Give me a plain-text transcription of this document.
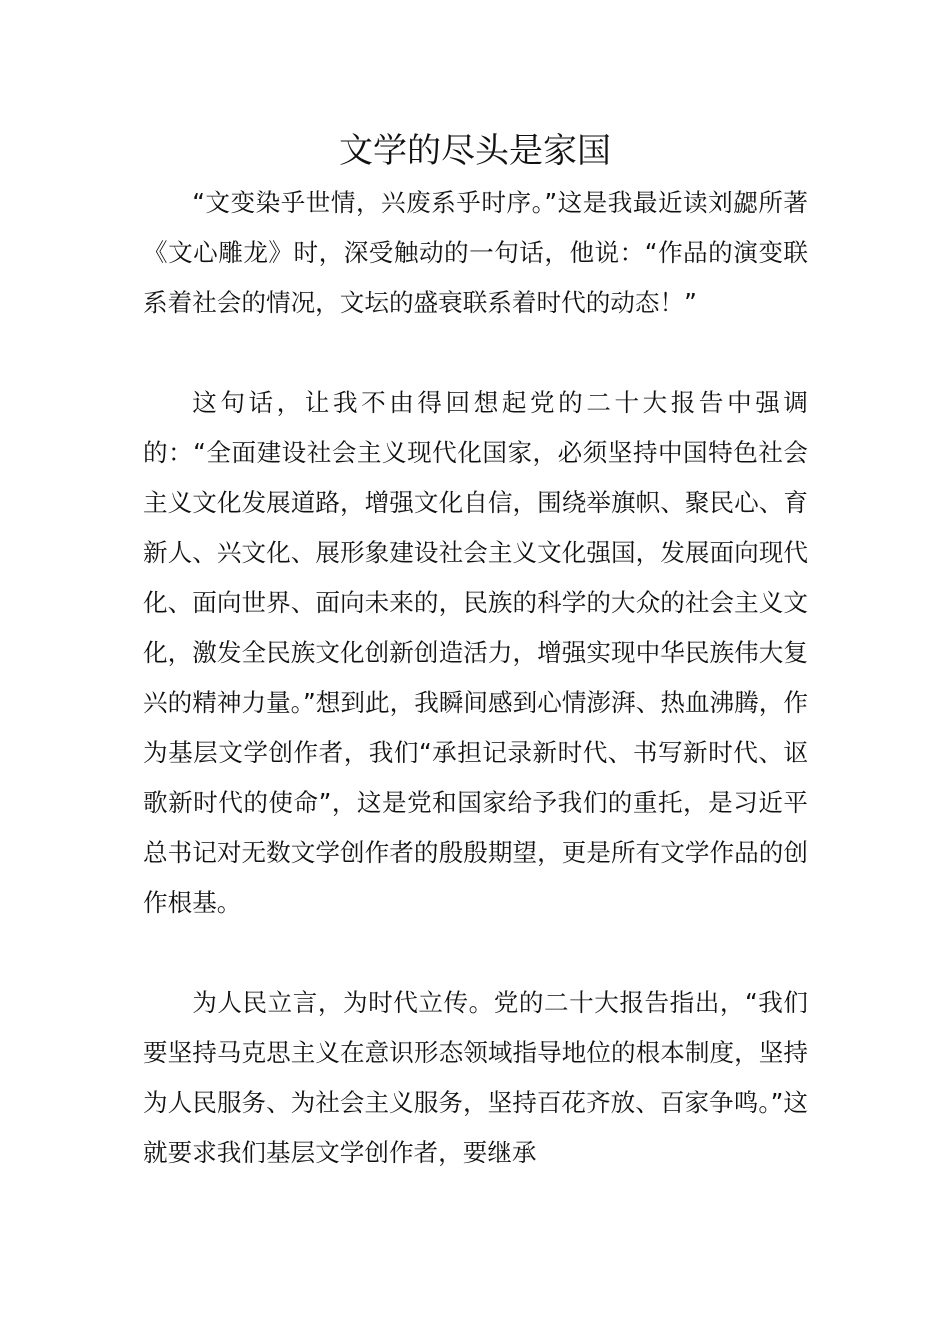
文学的尽头是家国

“文变染乎世情，兴废系乎时序。”这是我最近读刘勰所著《文心雕龙》时，深受触动的一句话，他说：“作品的演变联系着社会的情况，文坛的盛衰联系着时代的动态！”

这句话，让我不由得回想起党的二十大报告中强调的：“全面建设社会主义现代化国家，必须坚持中国特色社会主义文化发展道路，增强文化自信，围绕举旗帜、聚民心、育新人、兴文化、展形象建设社会主义文化强国，发展面向现代化、面向世界、面向未来的，民族的科学的大众的社会主义文化，激发全民族文化创新创造活力，增强实现中华民族伟大复兴的精神力量。”想到此，我瞬间感到心情澎湃、热血沸腾，作为基层文学创作者，我们“承担记录新时代、书写新时代、讴歌新时代的使命”，这是党和国家给予我们的重托，是习近平总书记对无数文学创作者的殷殷期望，更是所有文学作品的创作根基。

为人民立言，为时代立传。党的二十大报告指出，“我们要坚持马克思主义在意识形态领域指导地位的根本制度，坚持为人民服务、为社会主义服务，坚持百花齐放、百家争鸣。”这就要求我们基层文学创作者，要继承
